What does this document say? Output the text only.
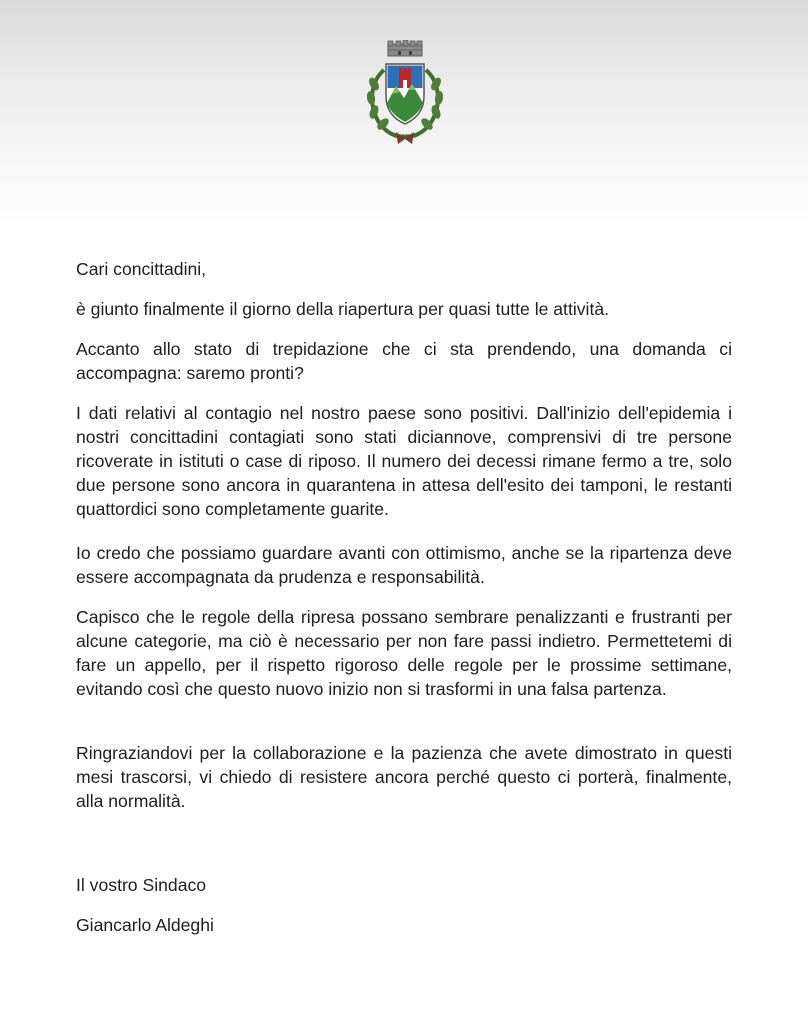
Cari concittadini,

è giunto finalmente il giorno della riapertura per quasi tutte le attività.

Accanto allo stato di trepidazione che ci sta prendendo, una domanda ci accompagna: saremo pronti?

I dati relativi al contagio nel nostro paese sono positivi. Dall'inizio dell'epidemia i nostri concittadini contagiati sono stati diciannove, comprensivi di tre persone ricoverate in istituti o case di riposo. Il numero dei decessi rimane fermo a tre, solo due persone sono ancora in quarantena in attesa dell'esito dei tamponi, le restanti quattordici sono completamente guarite.

Io credo che possiamo guardare avanti con ottimismo, anche se la ripartenza deve essere accompagnata da prudenza e responsabilità.

Capisco che le regole della ripresa possano sembrare penalizzanti e frustranti per alcune categorie, ma ciò è necessario per non fare passi indietro. Permettetemi di fare un appello, per il rispetto rigoroso delle regole per le prossime settimane, evitando così che questo nuovo inizio non si trasformi in una falsa partenza.

Ringraziandovi per la collaborazione e la pazienza che avete dimostrato in questi mesi trascorsi, vi chiedo di resistere ancora perché questo ci porterà, finalmente, alla normalità.

Il vostro Sindaco

Giancarlo Aldeghi
